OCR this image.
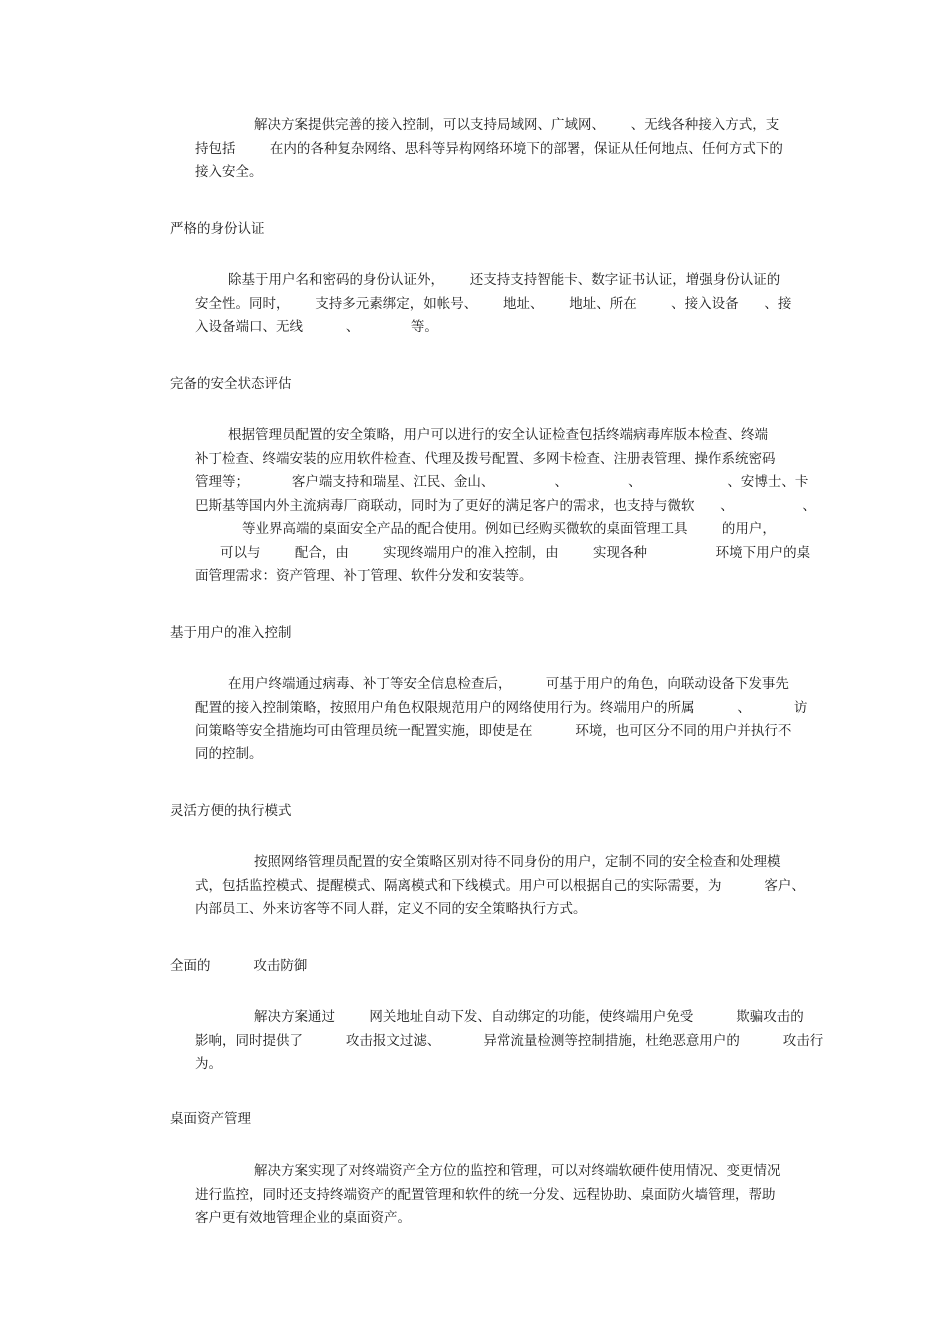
解决方案提供完善的接入控制，可以支持局域网、广域网、      、无线各种接入方式，支
持包括        在内的各种复杂网络、思科等异构网络环境下的部署，保证从任何地点、任何方式下的
接入安全。
严格的身份认证
除基于用户名和密码的身份认证外，      还支持支持智能卡、数字证书认证，增强身份认证的
安全性。同时，      支持多元素绑定，如帐号、      地址、      地址、所在        、接入设备      、接
入设备端口、无线          、            等。
完备的安全状态评估
根据管理员配置的安全策略，用户可以进行的安全认证检查包括终端病毒库版本检查、终端
补丁检查、终端安装的应用软件检查、代理及拨号配置、多网卡检查、注册表管理、操作系统密码
管理等；          客户端支持和瑞星、江民、金山、              、              、                    、安博士、卡
巴斯基等国内外主流病毒厂商联动，同时为了更好的满足客户的需求，也支持与微软      、                、
等业界高端的桌面安全产品的配合使用。例如已经购买微软的桌面管理工具        的用户，
可以与        配合，由        实现终端用户的准入控制，由        实现各种                环境下用户的桌
面管理需求：资产管理、补丁管理、软件分发和安装等。
基于用户的准入控制
在用户终端通过病毒、补丁等安全信息检查后，        可基于用户的角色，向联动设备下发事先
配置的接入控制策略，按照用户角色权限规范用户的网络使用行为。终端用户的所属          、          访
问策略等安全措施均可由管理员统一配置实施，即使是在          环境，也可区分不同的用户并执行不
同的控制。
灵活方便的执行模式
按照网络管理员配置的安全策略区别对待不同身份的用户，定制不同的安全检查和处理模
式，包括监控模式、提醒模式、隔离模式和下线模式。用户可以根据自己的实际需要，为          客户、
内部员工、外来访客等不同人群，定义不同的安全策略执行方式。
全面的          攻击防御
解决方案通过        网关地址自动下发、自动绑定的功能，使终端用户免受          欺骗攻击的
影响，同时提供了          攻击报文过滤、          异常流量检测等控制措施，杜绝恶意用户的          攻击行
为。
桌面资产管理
解决方案实现了对终端资产全方位的监控和管理，可以对终端软硬件使用情况、变更情况
进行监控，同时还支持终端资产的配置管理和软件的统一分发、远程协助、桌面防火墙管理，帮助
客户更有效地管理企业的桌面资产。
